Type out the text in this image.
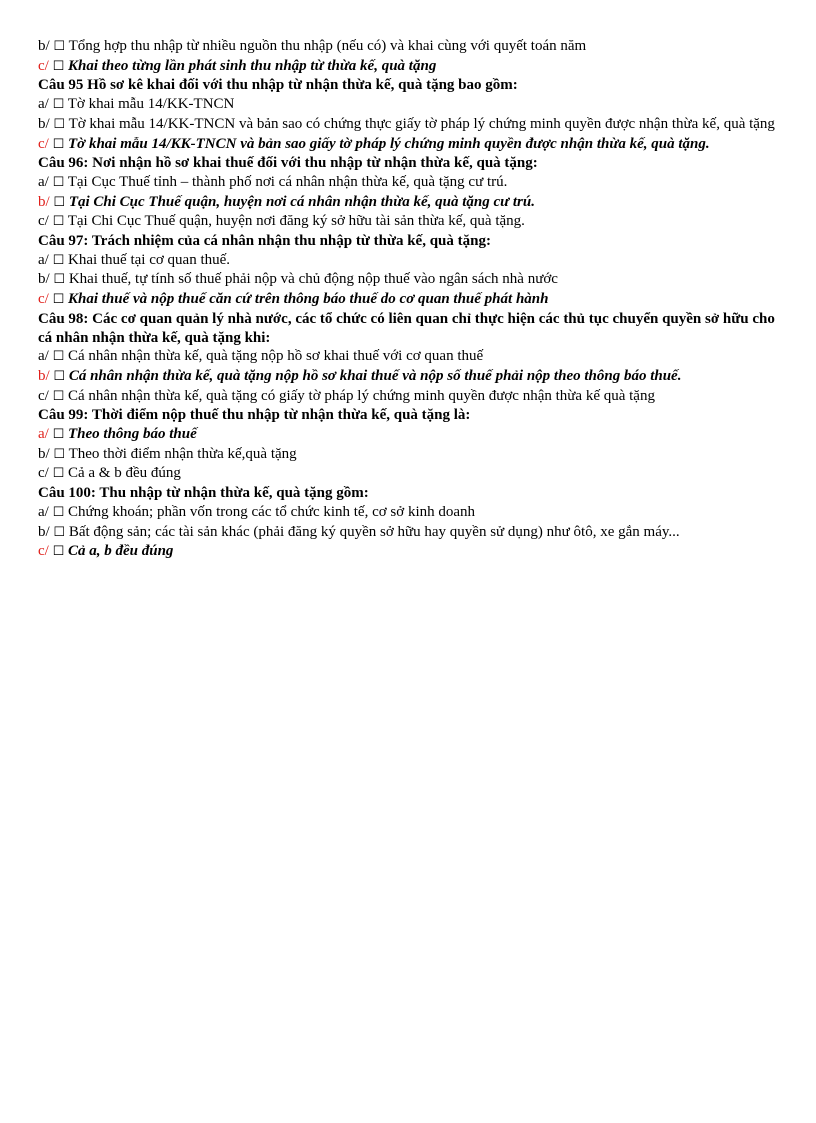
b/ ☐ Tổng hợp thu nhập từ nhiều nguồn thu nhập (nếu có) và khai cùng với quyết toán năm

c/ ☐ Khai theo từng lần phát sinh thu nhập từ thừa kế, quà tặng

Câu 95 Hồ sơ kê khai đối với thu nhập từ nhận thừa kế, quà tặng bao gồm:

a/ ☐ Tờ khai mẫu 14/KK-TNCN

b/ ☐ Tờ khai mẫu 14/KK-TNCN và bản sao có chứng thực giấy tờ pháp lý chứng minh quyền được nhận thừa kế, quà tặng

c/ ☐ Tờ khai mẫu 14/KK-TNCN và bản sao giấy tờ pháp lý chứng minh quyền được nhận thừa kế, quà tặng.

Câu 96: Nơi nhận hồ sơ khai thuế đối với thu nhập từ nhận thừa kế, quà tặng:

a/ ☐ Tại Cục Thuế tỉnh – thành phố nơi cá nhân nhận thừa kế, quà tặng cư trú.

b/ ☐ Tại Chi Cục Thuế quận, huyện nơi cá nhân nhận thừa kế, quà tặng cư trú.

c/ ☐ Tại Chi Cục Thuế quận, huyện nơi đăng ký sở hữu tài sản thừa kế, quà tặng.

Câu 97: Trách nhiệm của cá nhân nhận thu nhập từ thừa kế, quà tặng:

a/ ☐ Khai thuế tại cơ quan thuế.

b/ ☐ Khai thuế, tự tính số thuế phải nộp và chủ động nộp thuế vào ngân sách nhà nước

c/ ☐ Khai thuế và nộp thuế căn cứ trên thông báo thuế do cơ quan thuế phát hành

Câu 98: Các cơ quan quản lý nhà nước, các tổ chức có liên quan chỉ thực hiện các thủ tục chuyển quyền sở hữu cho cá nhân nhận thừa kế, quà tặng khi:

a/ ☐ Cá nhân nhận thừa kế, quà tặng nộp hồ sơ khai thuế với cơ quan thuế

b/ ☐ Cá nhân nhận thừa kế, quà tặng nộp hồ sơ khai thuế và nộp số thuế phải nộp theo thông báo thuế.

c/ ☐ Cá nhân nhận thừa kế, quà tặng có giấy tờ pháp lý chứng minh quyền được nhận thừa kế quà tặng

Câu 99: Thời điểm nộp thuế thu nhập từ nhận thừa kế, quà tặng là:

a/ ☐ Theo thông báo thuế

b/ ☐ Theo thời điểm nhận thừa kế,quà tặng

c/ ☐ Cả a & b đều đúng

Câu 100: Thu nhập từ nhận thừa kế, quà tặng gồm:

a/ ☐ Chứng khoán; phần vốn trong các tổ chức kinh tế, cơ sở kinh doanh

b/ ☐ Bất động sản; các tài sản khác (phải đăng ký quyền sở hữu hay quyền sử dụng) như ôtô, xe gắn máy...

c/ ☐ Cả a, b đều đúng
